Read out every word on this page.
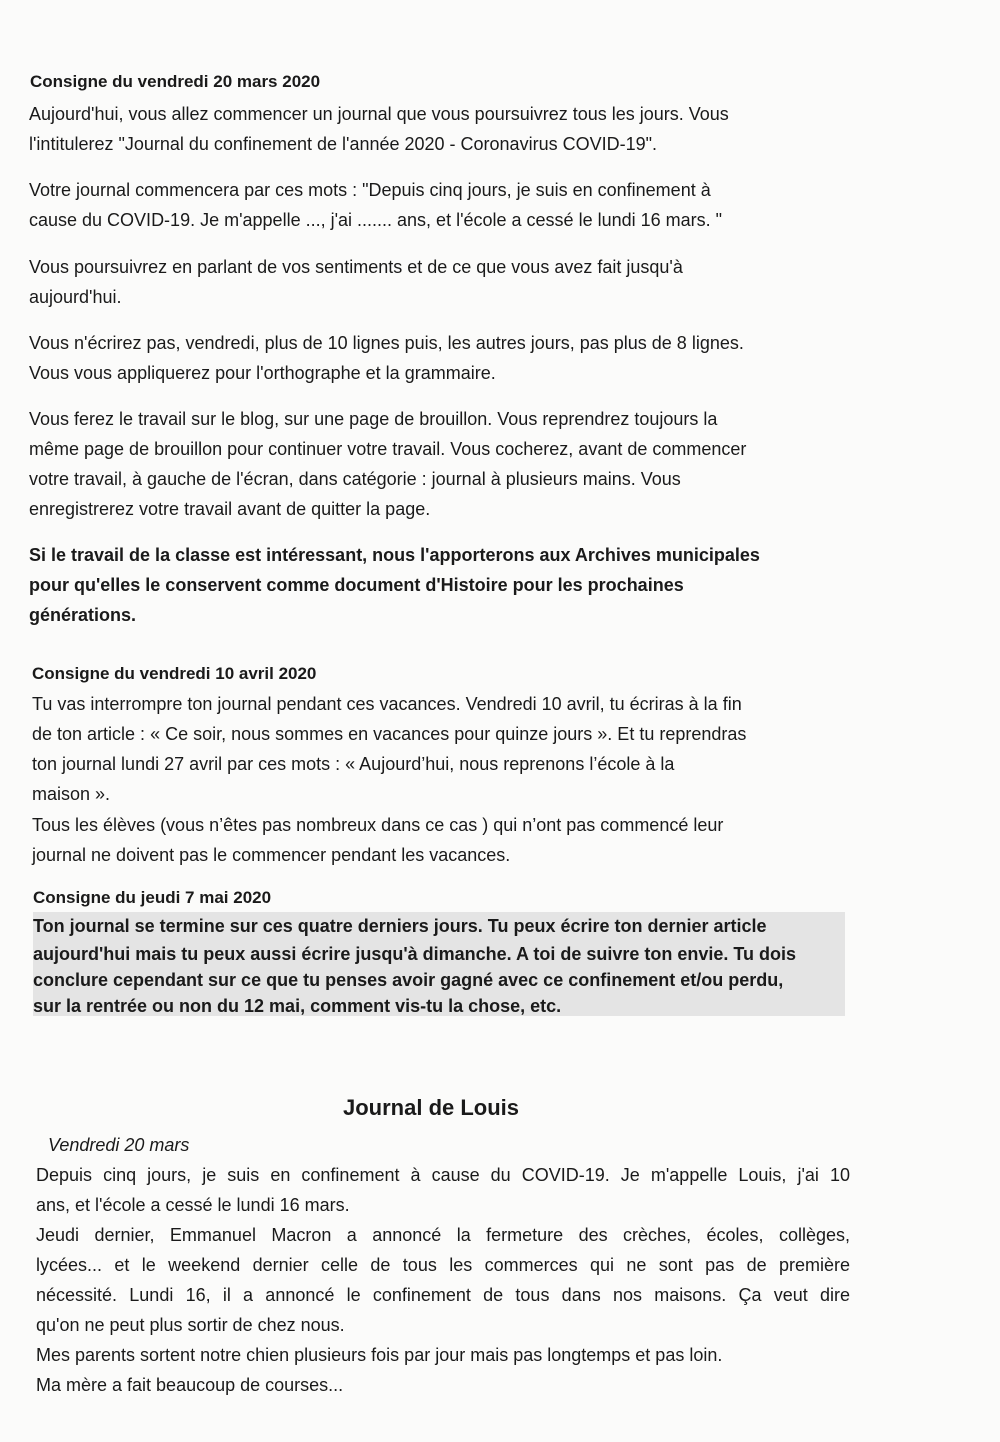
Consigne du vendredi 20 mars 2020
Aujourd'hui, vous allez commencer un journal que vous poursuivrez tous les jours. Vous
l'intitulerez "Journal du confinement de l'année 2020 - Coronavirus COVID-19".
Votre journal commencera par ces mots : "Depuis cinq jours, je suis en confinement à
cause du COVID-19. Je m'appelle ..., j'ai ....... ans, et l'école a cessé le lundi 16 mars. "
Vous poursuivrez en parlant de vos sentiments et de ce que vous avez fait jusqu'à
aujourd'hui.
Vous n'écrirez pas, vendredi, plus de 10 lignes puis, les autres jours, pas plus de 8 lignes.
Vous vous appliquerez pour l'orthographe et la grammaire.
Vous ferez le travail sur le blog, sur une page de brouillon. Vous reprendrez toujours la
même page de brouillon pour continuer votre travail. Vous cocherez, avant de commencer
votre travail, à gauche de l'écran, dans catégorie : journal à plusieurs mains. Vous
enregistrerez votre travail avant de quitter la page.
Si le travail de la classe est intéressant, nous l'apporterons aux Archives municipales
pour qu'elles le conservent comme document d'Histoire pour les prochaines
générations.
Consigne du vendredi 10 avril 2020
Tu vas interrompre ton journal pendant ces vacances. Vendredi 10 avril, tu écriras à la fin
de ton article : « Ce soir, nous sommes en vacances pour quinze jours ». Et tu reprendras
ton journal lundi 27 avril par ces mots : « Aujourd’hui, nous reprenons l’école à la
maison ».
Tous les élèves (vous n’êtes pas nombreux dans ce cas ) qui n’ont pas commencé leur
journal ne doivent pas le commencer pendant les vacances.
Consigne du jeudi 7 mai 2020
Ton journal se termine sur ces quatre derniers jours. Tu peux écrire ton dernier article
aujourd'hui mais tu peux aussi écrire jusqu'à dimanche. A toi de suivre ton envie. Tu dois
conclure cependant sur ce que tu penses avoir gagné avec ce confinement et/ou perdu,
sur la rentrée ou non du 12 mai, comment vis-tu la chose, etc.
Journal de Louis
Vendredi 20 mars
Depuis cinq jours, je suis en confinement à cause du COVID-19. Je m'appelle Louis, j'ai 10
ans, et l'école a cessé le lundi 16 mars.
Jeudi dernier, Emmanuel Macron a annoncé la fermeture des crèches, écoles, collèges,
lycées... et le weekend dernier celle de tous les commerces qui ne sont pas de première
nécessité. Lundi 16, il a annoncé le confinement de tous dans nos maisons. Ça veut dire
qu'on ne peut plus sortir de chez nous.
Mes parents sortent notre chien plusieurs fois par jour mais pas longtemps et pas loin.
Ma mère a fait beaucoup de courses...
